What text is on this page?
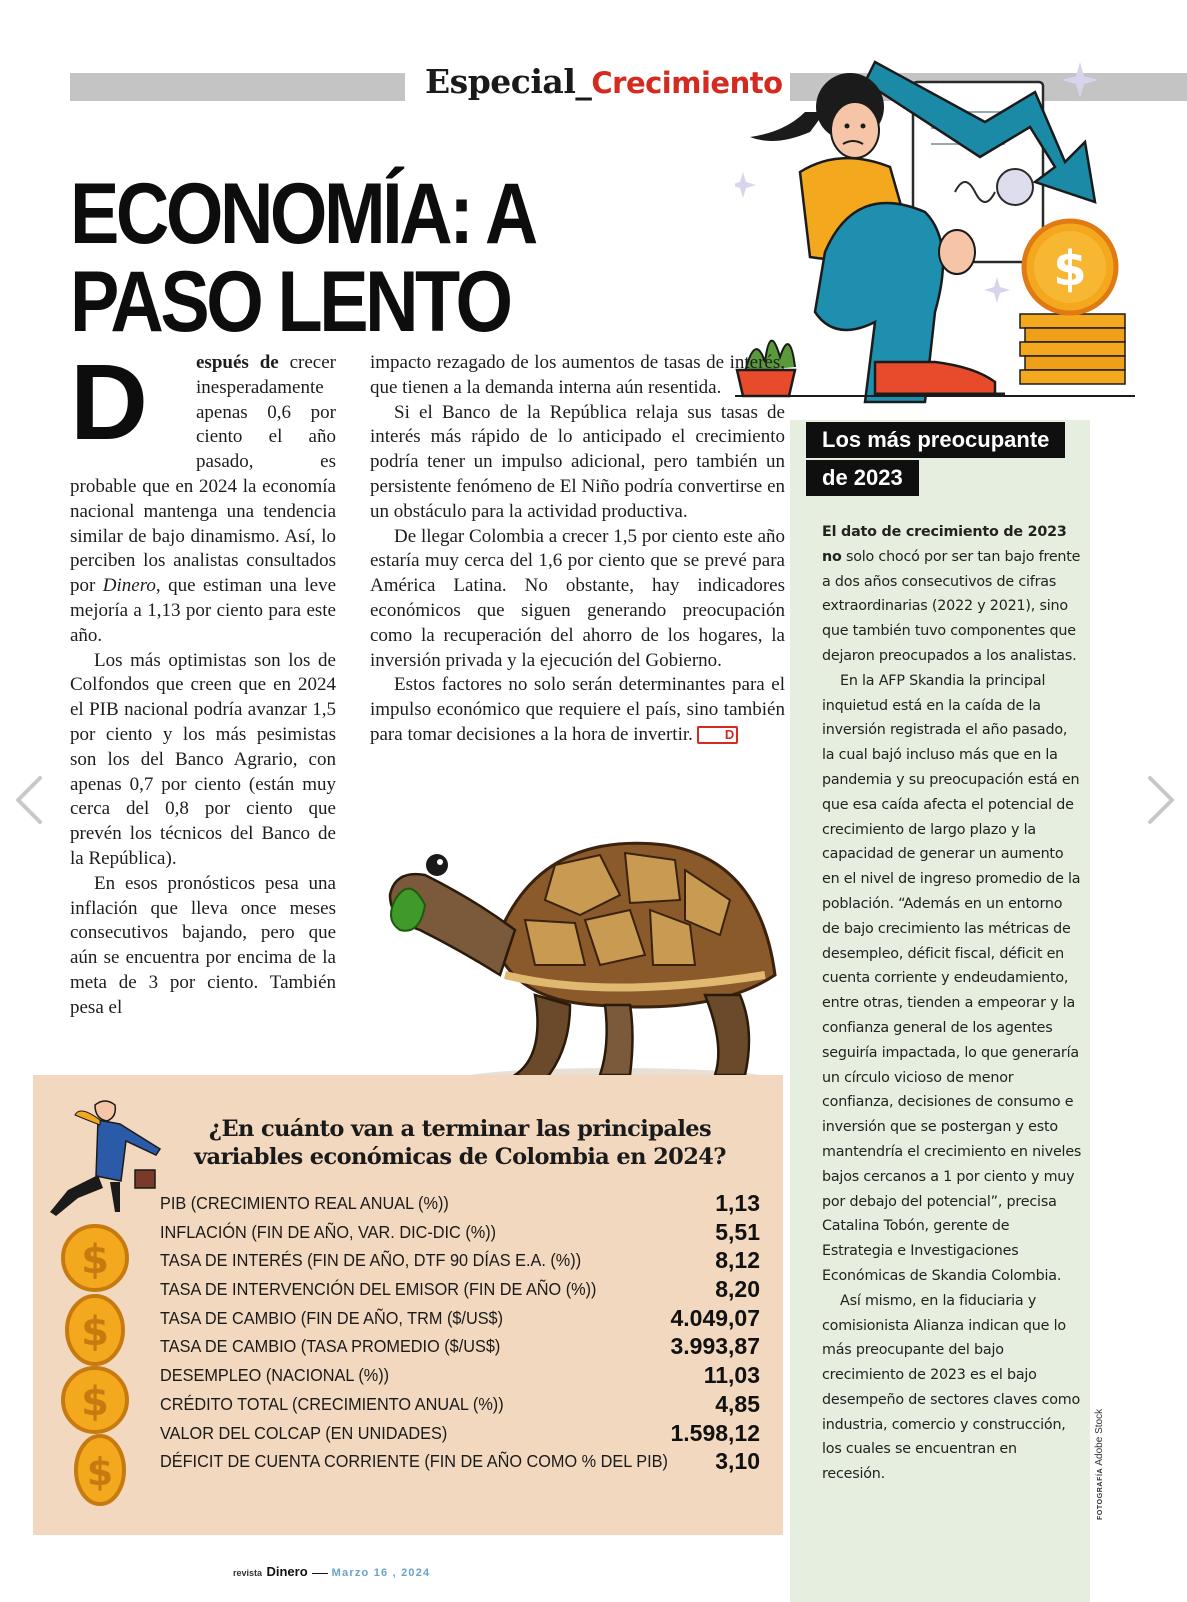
Especial_Crecimiento
$
ECONOMÍA: A
PASO LENTO

D	espués de crecer inesperadamente apenas 0,6 por ciento el año pasado, es probable que en 2024 la economía nacional mantenga una tendencia similar de bajo dinamismo. Así, lo perciben los analistas consultados por Dinero, que estiman una leve mejoría a 1,13 por ciento para este año.

Los más optimistas son los de Colfondos que creen que en 2024 el PIB nacional podría avanzar 1,5 por ciento y los más pesimistas son los del Banco Agrario, con apenas 0,7 por ciento (están muy cerca del 0,8 por ciento que prevén los técnicos del Banco de la República).

En esos pronósticos pesa una inflación que lleva once meses consecutivos bajando, pero que aún se encuentra por encima de la meta de 3 por ciento. También pesa el

impacto rezagado de los aumentos de tasas de interés, que tienen a la demanda interna aún resentida.

Si el Banco de la República relaja sus tasas de interés más rápido de lo anticipado el crecimiento podría tener un impulso adicional, pero también un persistente fenómeno de El Niño podría convertirse en un obstáculo para la actividad productiva.

De llegar Colombia a crecer 1,5 por ciento este año estaría muy cerca del 1,6 por ciento que se prevé para América Latina. No obstante, hay indicadores económicos que siguen generando preocupación como la recuperación del ahorro de los hogares, la inversión privada y la ejecución del Gobierno.

Estos factores no solo serán determinantes para el impulso económico que requiere el país, sino también para tomar decisiones a la hora de invertir. D

Los más preocupante
de 2023

El dato de crecimiento de 2023 no solo chocó por ser tan bajo frente a dos años consecutivos de cifras extraordinarias (2022 y 2021), sino que también tuvo componentes que dejaron preocupados a los analistas.

En la AFP Skandia la principal inquietud está en la caída de la inversión registrada el año pasado, la cual bajó incluso más que en la pandemia y su preocupación está en que esa caída afecta el potencial de crecimiento de largo plazo y la capacidad de generar un aumento en el nivel de ingreso promedio de la población. “Además en un entorno de bajo crecimiento las métricas de desempleo, déficit fiscal, déficit en cuenta corriente y endeudamiento, entre otras, tienden a empeorar y la confianza general de los agentes seguiría impactada, lo que generaría un círculo vicioso de menor confianza, decisiones de consumo e inversión que se postergan y esto mantendría el crecimiento en niveles bajos cercanos a 1 por ciento y muy por debajo del potencial”, precisa Catalina Tobón, gerente de Estrategia e Investigaciones Económicas de Skandia Colombia.

Así mismo, en la fiduciaria y comisionista Alianza indican que lo más preocupante del bajo crecimiento de 2023 es el bajo desempeño de sectores claves como industria, comercio y construcción, los cuales se encuentran en recesión.	FOTOGRAFÍA Adobe Stock
$
$
$
$
¿En cuánto van a terminar las principales variables económicas de Colombia en 2024?
PIB (CRECIMIENTO REAL ANUAL (%))	1,13
INFLACIÓN (FIN DE AÑO, VAR. DIC-DIC (%))	5,51
TASA DE INTERÉS (FIN DE AÑO, DTF 90 DÍAS E.A. (%))	8,12
TASA DE INTERVENCIÓN DEL EMISOR (FIN DE AÑO (%))	8,20
TASA DE CAMBIO (FIN DE AÑO, TRM ($/US$)	4.049,07
TASA DE CAMBIO (TASA PROMEDIO ($/US$)	3.993,87
DESEMPLEO (NACIONAL (%))	11,03
CRÉDITO TOTAL (CRECIMIENTO ANUAL (%))	4,85
VALOR DEL COLCAP (EN UNIDADES)	1.598,12
DÉFICIT DE CUENTA CORRIENTE (FIN DE AÑO COMO % DEL PIB) 3,10
revista Dinero Marzo 16 , 2024
